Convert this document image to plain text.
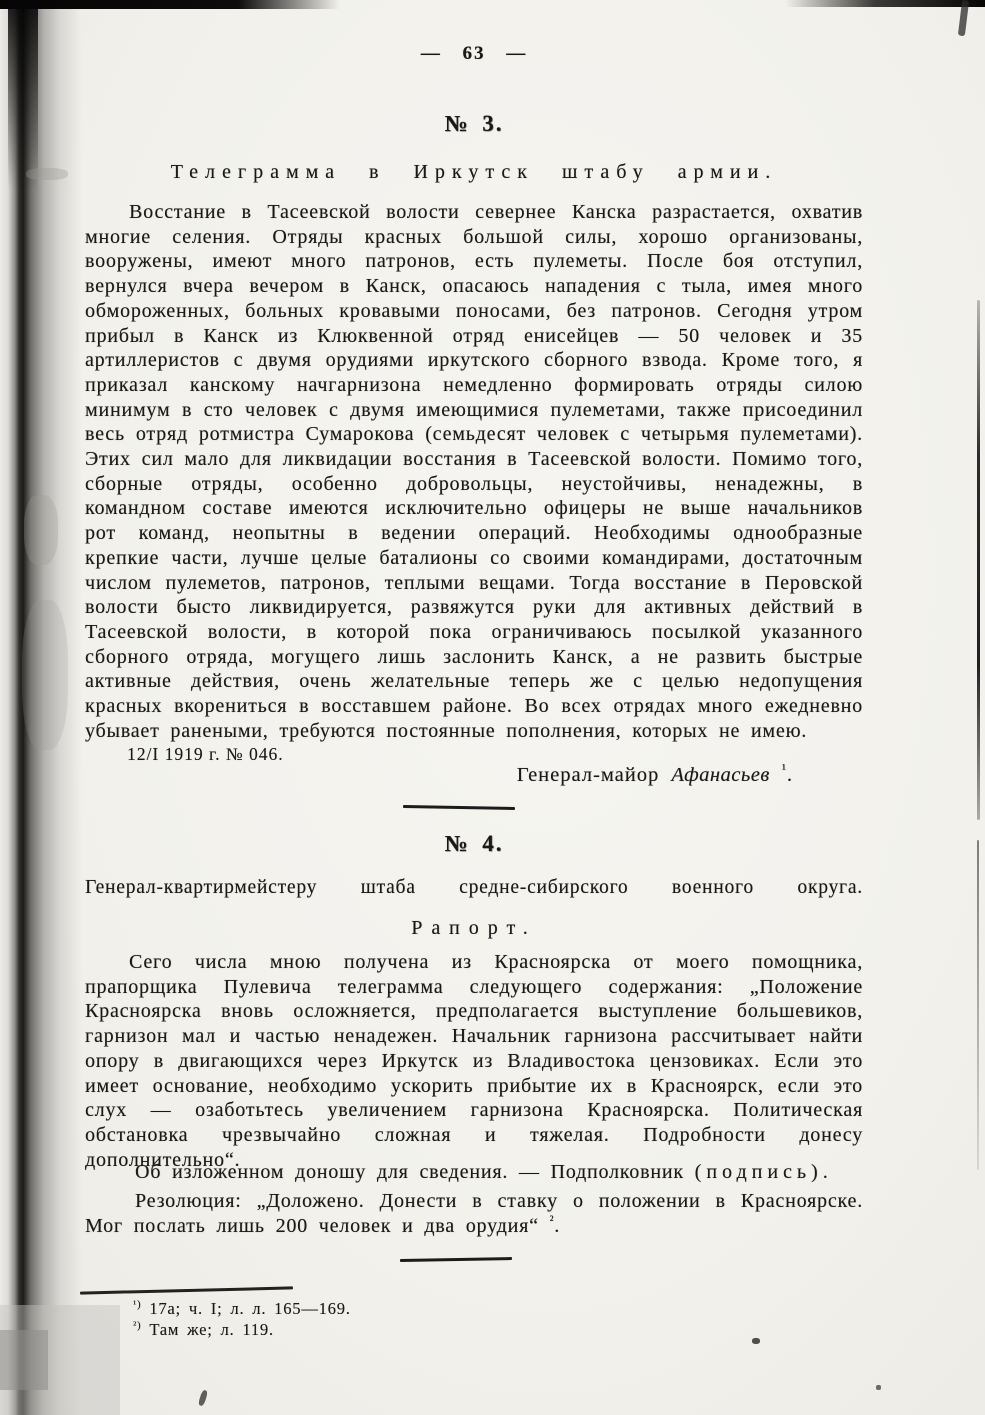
— 63 —
№ 3.
Телеграмма в Иркутск штабу армии.
Восстание в Тасеевской волости севернее Канска разрастается, охватив многие селения. Отряды красных большой силы, хорошо организованы, вооружены, имеют много патронов, есть пулеметы. После боя отступил, вернулся вчера вечером в Канск, опасаюсь нападения с тыла, имея много обмороженных, больных кровавыми поносами, без патронов. Сегодня утром прибыл в Канск из Клюквенной отряд енисейцев — 50 человек и 35 артиллеристов с двумя орудиями иркутского сборного взвода. Кроме того, я приказал канскому начгарнизона немедленно формировать отряды силою минимум в сто человек с двумя имеющимися пулеметами, также присоединил весь отряд ротмистра Сумарокова (семьдесят человек с четырьмя пулеметами). Этих сил мало для ликвидации восстания в Тасеевской волости. Помимо того, сборные отряды, особенно добровольцы, неустойчивы, ненадежны, в командном составе имеются исключительно офицеры не выше начальников рот команд, неопытны в ведении операций. Необходимы однообразные крепкие части, лучше целые баталионы со своими командирами, достаточным числом пулеметов, патронов, теплыми вещами. Тогда восстание в Перовской волости бысто ликвидируется, развяжутся руки для активных действий в Тасеевской волости, в которой пока ограничиваюсь посылкой указанного сборного отряда, могущего лишь заслонить Канск, а не развить быстрые активные действия, очень желательные теперь же с целью недопущения красных вкорениться в восставшем районе. Во всех отрядах много ежедневно убывает ранеными, требуются постоянные пополнения, которых не имею.
12/I 1919 г. № 046.
Генерал-майор Афанасьев $^{^1}$.
№ 4.
Генерал-квартирмейстеру штаба средне-сибирского военного округа.
Рапорт.
Сего числа мною получена из Красноярска от моего помощника, прапорщика Пулевича телеграмма следующего содержания: „Положение Красноярска вновь осложняется, предполагается выступление большевиков, гарнизон мал и частью ненадежен. Начальник гарнизона рассчитывает найти опору в двигающихся через Иркутск из Владивостока цензовиках. Если это имеет основание, необходимо ускорить прибытие их в Красноярск, если это слух — озаботьтесь увеличением гарнизона Красноярска. Политическая обстановка чрезвычайно сложная и тяжелая. Подробности донесу дополнительно“.
Об изложенном доношу для сведения. — Подполковник (подпись).
Резолюция: „Доложено. Донести в ставку о положении в Красноярске. Мог послать лишь 200 человек и два орудия“ $^{^2}$.
$^{^1)}$ 17а; ч. I; л. л. 165—169.
$^{^2)}$ Там же; л. 119.
